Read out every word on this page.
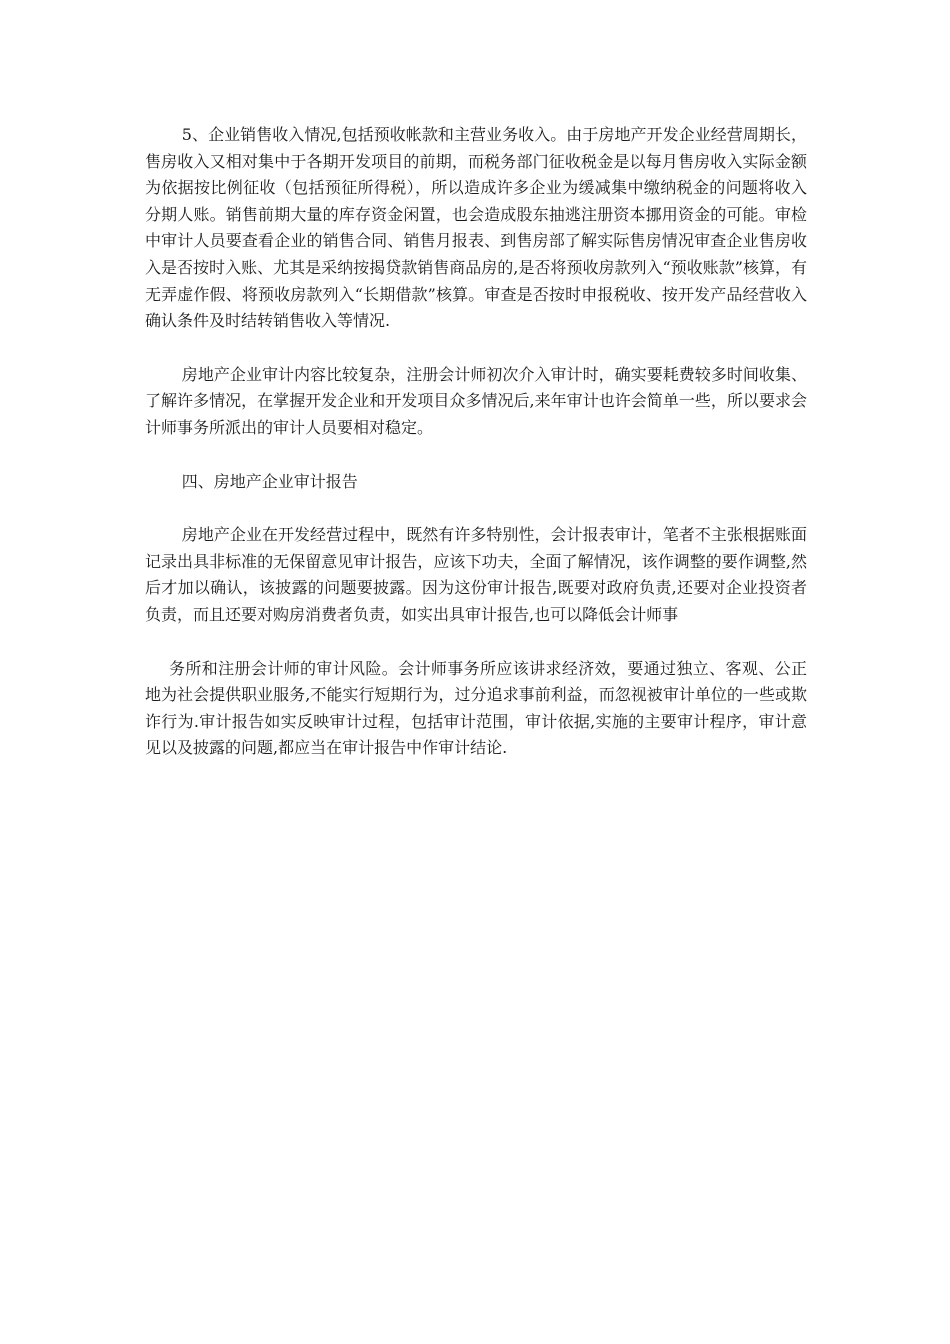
5、企业销售收入情况,包括预收帐款和主营业务收入。由于房地产开发企业经营周期长，售房收入又相对集中于各期开发项目的前期，而税务部门征收税金是以每月售房收入实际金额为依据按比例征收（包括预征所得税），所以造成许多企业为缓减集中缴纳税金的问题将收入分期人账。销售前期大量的库存资金闲置，也会造成股东抽逃注册资本挪用资金的可能。审检中审计人员要查看企业的销售合同、销售月报表、到售房部了解实际售房情况审查企业售房收入是否按时入账、尤其是采纳按揭贷款销售商品房的,是否将预收房款列入“预收账款”核算，有无弄虚作假、将预收房款列入“长期借款”核算。审查是否按时申报税收、按开发产品经营收入确认条件及时结转销售收入等情况.

房地产企业审计内容比较复杂，注册会计师初次介入审计时，确实要耗费较多时间收集、了解许多情况，在掌握开发企业和开发项目众多情况后,来年审计也许会简单一些，所以要求会计师事务所派出的审计人员要相对稳定。

四、房地产企业审计报告

房地产企业在开发经营过程中，既然有许多特别性，会计报表审计，笔者不主张根据账面记录出具非标准的无保留意见审计报告，应该下功夫，全面了解情况，该作调整的要作调整,然后才加以确认，该披露的问题要披露。因为这份审计报告,既要对政府负责,还要对企业投资者负责，而且还要对购房消费者负责，如实出具审计报告,也可以降低会计师事

务所和注册会计师的审计风险。会计师事务所应该讲求经济效，要通过独立、客观、公正地为社会提供职业服务,不能实行短期行为，过分追求事前利益，而忽视被审计单位的一些或欺诈行为.审计报告如实反映审计过程，包括审计范围，审计依据,实施的主要审计程序，审计意见以及披露的问题,都应当在审计报告中作审计结论.
